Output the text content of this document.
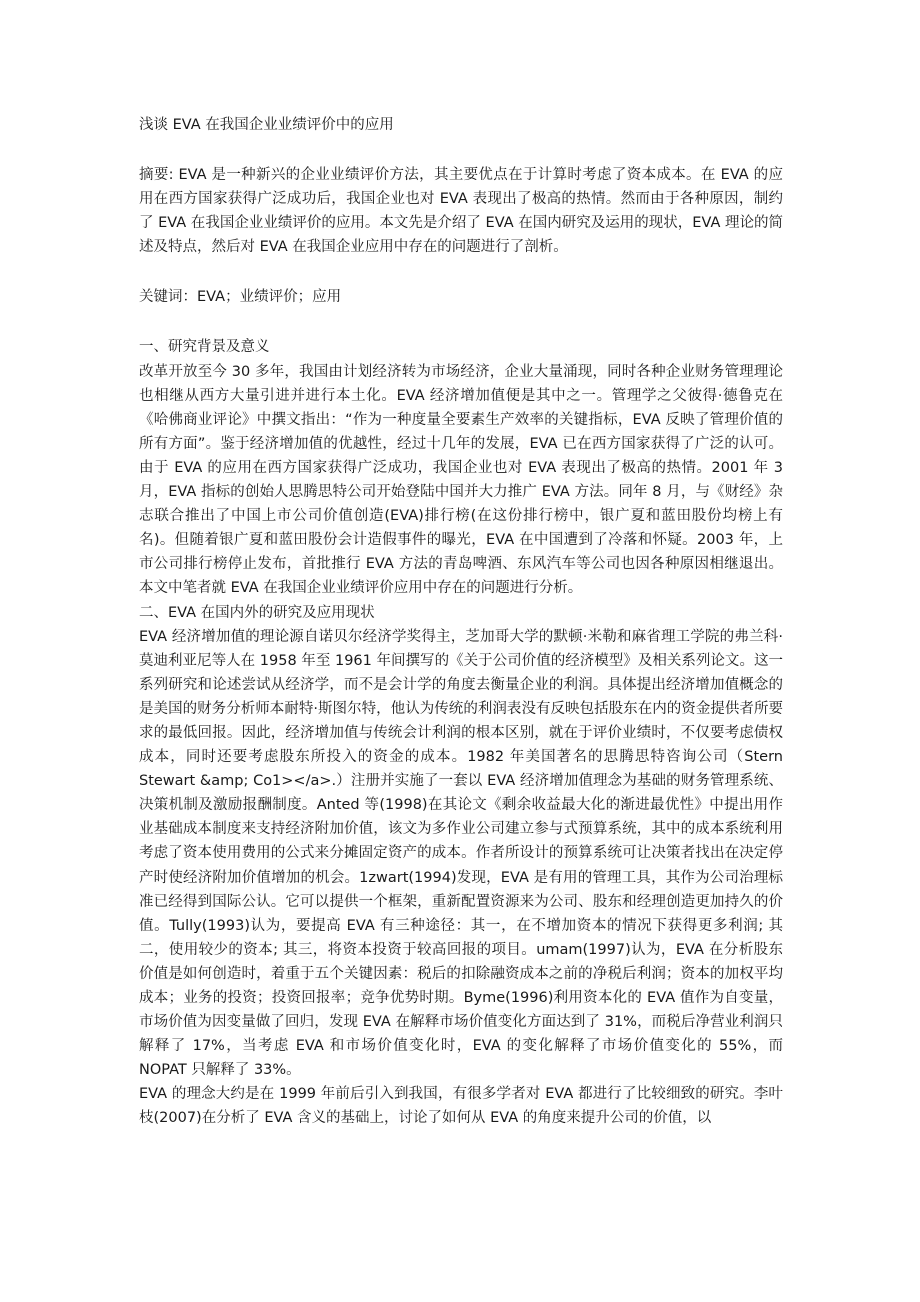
浅谈 EVA 在我国企业业绩评价中的应用

摘要: EVA 是一种新兴的企业业绩评价方法，其主要优点在于计算时考虑了资本成本。在 EVA 的应用在西方国家获得广泛成功后，我国企业也对 EVA 表现出了极高的热情。然而由于各种原因，制约了 EVA 在我国企业业绩评价的应用。本文先是介绍了 EVA 在国内研究及运用的现状，EVA 理论的简述及特点，然后对 EVA 在我国企业应用中存在的问题进行了剖析。

关键词：EVA；业绩评价；应用

一、研究背景及意义

改革开放至今 30 多年，我国由计划经济转为市场经济，企业大量涌现，同时各种企业财务管理理论也相继从西方大量引进并进行本土化。EVA 经济增加值便是其中之一。管理学之父彼得·德鲁克在《哈佛商业评论》中撰文指出：“作为一种度量全要素生产效率的关键指标，EVA 反映了管理价值的所有方面”。鉴于经济增加值的优越性，经过十几年的发展，EVA 已在西方国家获得了广泛的认可。由于 EVA 的应用在西方国家获得广泛成功，我国企业也对 EVA 表现出了极高的热情。2001 年 3 月，EVA 指标的创始人思腾思特公司开始登陆中国并大力推广 EVA 方法。同年 8 月，与《财经》杂志联合推出了中国上市公司价值创造(EVA)排行榜(在这份排行榜中，银广夏和蓝田股份均榜上有名)。但随着银广夏和蓝田股份会计造假事件的曝光，EVA 在中国遭到了冷落和怀疑。2003 年，上市公司排行榜停止发布，首批推行 EVA 方法的青岛啤酒、东风汽车等公司也因各种原因相继退出。本文中笔者就 EVA 在我国企业业绩评价应用中存在的问题进行分析。

二、EVA 在国内外的研究及应用现状

EVA 经济增加值的理论源自诺贝尔经济学奖得主，芝加哥大学的默顿·米勒和麻省理工学院的弗兰科·莫迪利亚尼等人在 1958 年至 1961 年间撰写的《关于公司价值的经济模型》及相关系列论文。这一系列研究和论述尝试从经济学，而不是会计学的角度去衡量企业的利润。具体提出经济增加值概念的是美国的财务分析师本耐特·斯图尔特，他认为传统的利润表没有反映包括股东在内的资金提供者所要求的最低回报。因此，经济增加值与传统会计利润的根本区别，就在于评价业绩时，不仅要考虑债权成本，同时还要考虑股东所投入的资金的成本。1982 年美国著名的思腾思特咨询公司（Stern Stewart &amp; Co1></a>.）注册并实施了一套以 EVA 经济增加值理念为基础的财务管理系统、决策机制及激励报酬制度。Anted 等(1998)在其论文《剩余收益最大化的渐进最优性》中提出用作业基础成本制度来支持经济附加价值，该文为多作业公司建立参与式预算系统，其中的成本系统利用考虑了资本使用费用的公式来分摊固定资产的成本。作者所设计的预算系统可让决策者找出在决定停产时使经济附加价值增加的机会。1zwart(1994)发现，EVA 是有用的管理工具，其作为公司治理标准已经得到国际公认。它可以提供一个框架，重新配置资源来为公司、股东和经理创造更加持久的价值。Tully(1993)认为，要提高 EVA 有三种途径：其一，在不增加资本的情况下获得更多利润; 其二，使用较少的资本; 其三，将资本投资于较高回报的项目。umam(1997)认为，EVA 在分析股东价值是如何创造时，着重于五个关键因素：税后的扣除融资成本之前的净税后利润；资本的加权平均成本；业务的投资；投资回报率；竞争优势时期。Byme(1996)利用资本化的 EVA 值作为自变量，市场价值为因变量做了回归，发现 EVA 在解释市场价值变化方面达到了 31%，而税后净营业利润只解释了 17%，当考虑 EVA 和市场价值变化时，EVA 的变化解释了市场价值变化的 55%，而 NOPAT 只解释了 33%。

EVA 的理念大约是在 1999 年前后引入到我国，有很多学者对 EVA 都进行了比较细致的研究。李叶枝(2007)在分析了 EVA 含义的基础上，讨论了如何从 EVA 的角度来提升公司的价值，以
